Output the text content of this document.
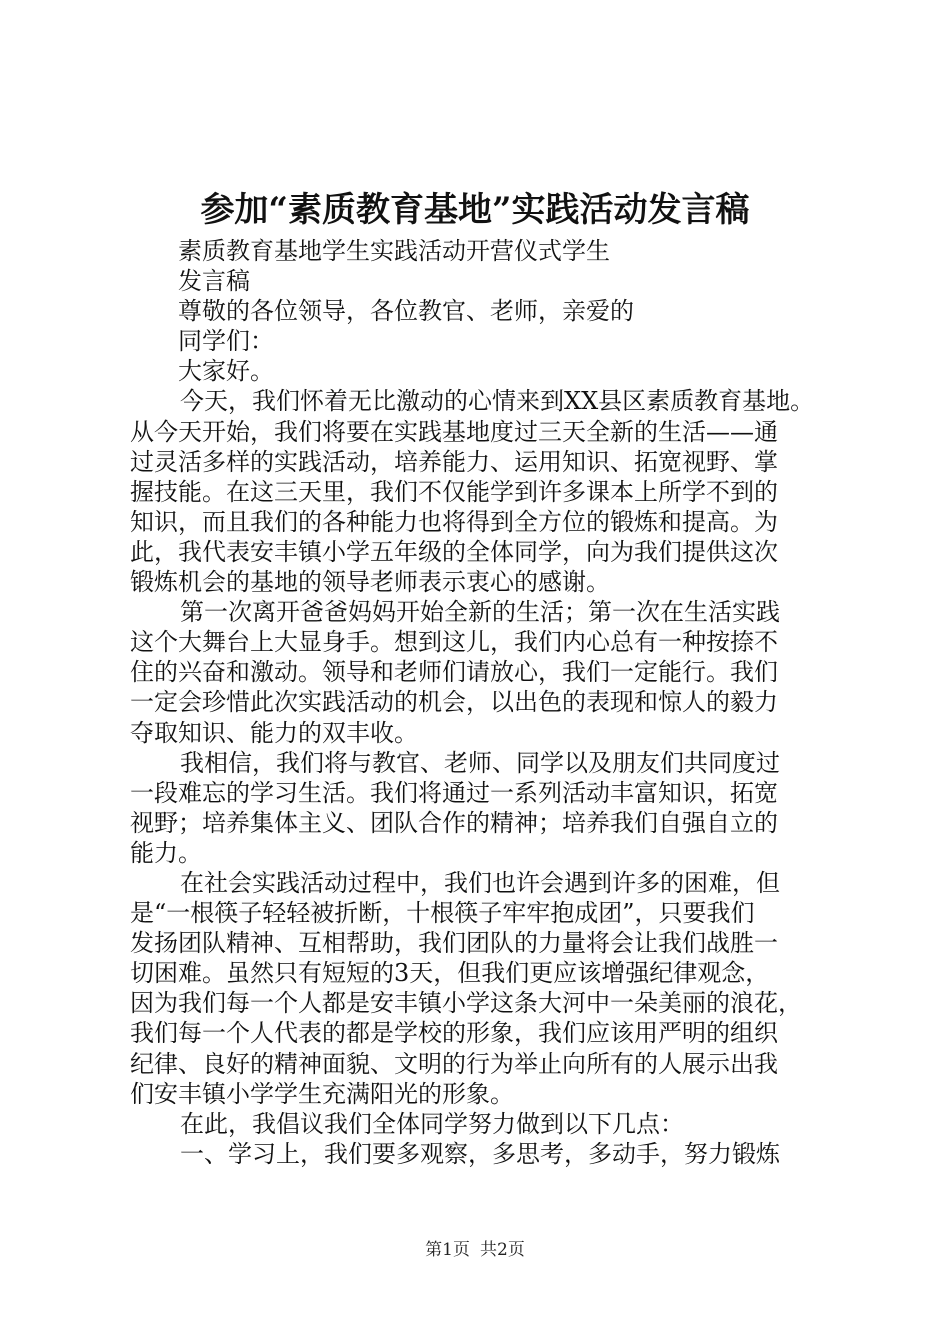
参加“素质教育基地”实践活动发言稿
素质教育基地学生实践活动开营仪式学生
发言稿
尊敬的各位领导，各位教官、老师，亲爱的
同学们：
大家好。
今天，我们怀着无比激动的心情来到XX县区素质教育基地。
从今天开始，我们将要在实践基地度过三天全新的生活——通
过灵活多样的实践活动，培养能力、运用知识、拓宽视野、掌
握技能。在这三天里，我们不仅能学到许多课本上所学不到的
知识，而且我们的各种能力也将得到全方位的锻炼和提高。为
此，我代表安丰镇小学五年级的全体同学，向为我们提供这次
锻炼机会的基地的领导老师表示衷心的感谢。
第一次离开爸爸妈妈开始全新的生活；第一次在生活实践
这个大舞台上大显身手。想到这儿，我们内心总有一种按捺不
住的兴奋和激动。领导和老师们请放心，我们一定能行。我们
一定会珍惜此次实践活动的机会，以出色的表现和惊人的毅力
夺取知识、能力的双丰收。
我相信，我们将与教官、老师、同学以及朋友们共同度过
一段难忘的学习生活。我们将通过一系列活动丰富知识，拓宽
视野；培养集体主义、团队合作的精神；培养我们自强自立的
能力。
在社会实践活动过程中，我们也许会遇到许多的困难，但
是“一根筷子轻轻被折断，十根筷子牢牢抱成团”，只要我们
发扬团队精神、互相帮助，我们团队的力量将会让我们战胜一
切困难。虽然只有短短的3天，但我们更应该增强纪律观念，
因为我们每一个人都是安丰镇小学这条大河中一朵美丽的浪花，
我们每一个人代表的都是学校的形象，我们应该用严明的组织
纪律、良好的精神面貌、文明的行为举止向所有的人展示出我
们安丰镇小学学生充满阳光的形象。
在此，我倡议我们全体同学努力做到以下几点：
一、学习上，我们要多观察，多思考，多动手，努力锻炼
第1页 共2页
